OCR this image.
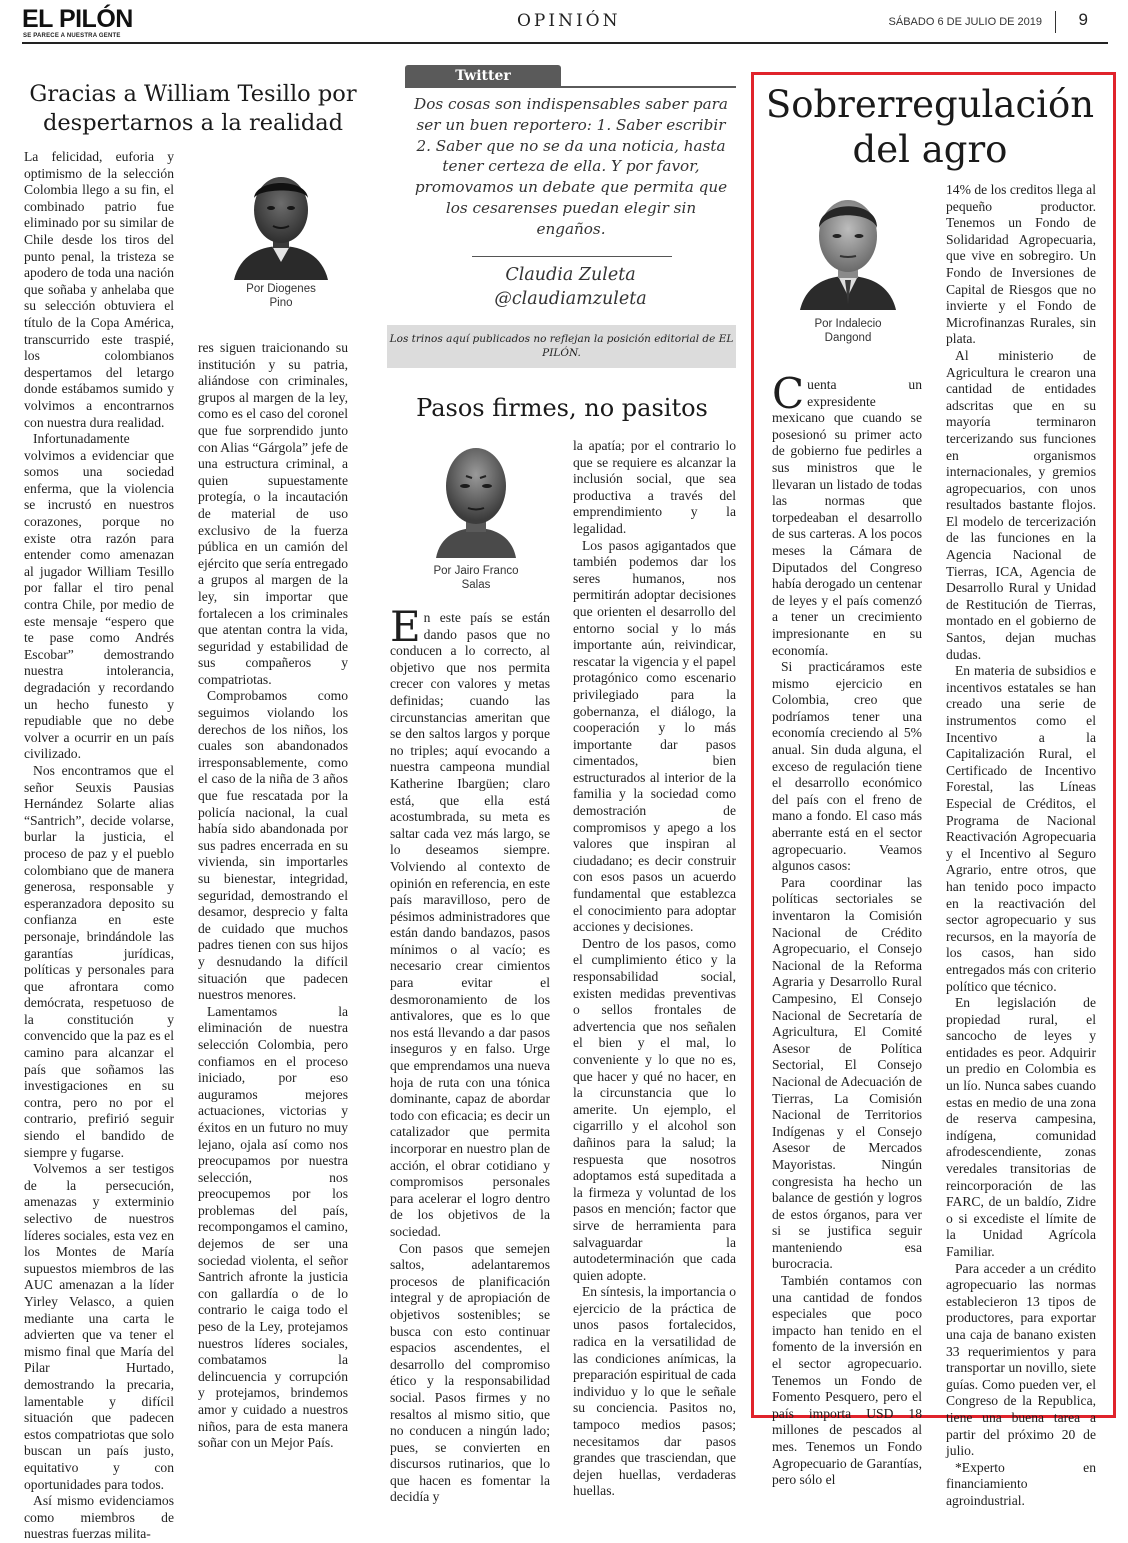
EL PILÓN
SE PARECE A NUESTRA GENTE
OPINIÓN	SÁBADO 6 DE JULIO DE 2019 9
Gracias a William Tesillo por
despertarnos a la realidad
Por Diogenes
Pino

La felicidad, euforia y optimismo de la selección Colombia llego a su fin, el combinado patrio fue eliminado por su similar de Chile desde los tiros del punto penal, la tristeza se apodero de toda una nación que soñaba y anhelaba que su selección obtuviera el título de la Copa América, transcurrido este traspié, los colombianos despertamos del letargo donde estábamos sumido y volvimos a encontrarnos con nuestra dura realidad.

Infortunadamente volvimos a evidenciar que somos una sociedad enferma, que la violencia se incrustó en nuestros corazones, porque no existe otra razón para entender como amenazan al jugador William Tesillo por fallar el tiro penal contra Chile, por medio de este mensaje “espero que te pase como Andrés Escobar” demostrando nuestra intolerancia, degradación y recordando un hecho funesto y repudiable que no debe volver a ocurrir en un país civilizado.

Nos encontramos que el señor Seuxis Pausias Hernández Solarte alias “Santrich”, decide volarse, burlar la justicia, el proceso de paz y el pueblo colombiano que de manera generosa, responsable y esperanzadora deposito su confianza en este personaje, brindándole las garantías jurídicas, políticas y personales para que afrontara como demócrata, respetuoso de la constitución y convencido que la paz es el camino para alcanzar el país que soñamos las investigaciones en su contra, pero no por el contrario, prefirió seguir siendo el bandido de siempre y fugarse.

Volvemos a ser testigos de la persecución, amenazas y exterminio selectivo de nuestros líderes sociales, esta vez en los Montes de María supuestos miembros de las AUC amenazan a la líder Yirley Velasco, a quien mediante una carta le advierten que va tener el mismo final que María del Pilar Hurtado, demostrando la precaria, lamentable y difícil situación que padecen estos compatriotas que solo buscan un país justo, equitativo y con oportunidades para todos.

Así mismo evidenciamos como miembros de nuestras fuerzas milita-

res siguen traicionando su institución y su patria, aliándose con criminales, grupos al margen de la ley, como es el caso del coronel que fue sorprendido junto con Alias “Gárgola” jefe de una estructura criminal, a quien supuestamente protegía, o la incautación de material de uso exclusivo de la fuerza pública en un camión del ejército que sería entregado a grupos al margen de la ley, sin importar que fortalecen a los criminales que atentan contra la vida, seguridad y estabilidad de sus compañeros y compatriotas.

Comprobamos como seguimos violando los derechos de los niños, los cuales son abandonados irresponsablemente, como el caso de la niña de 3 años que fue rescatada por la policía nacional, la cual había sido abandonada por sus padres encerrada en su vivienda, sin importarles su bienestar, integridad, seguridad, demostrando el desamor, desprecio y falta de cuidado que muchos padres tienen con sus hijos y desnudando la difícil situación que padecen nuestros menores.

Lamentamos la eliminación de nuestra selección Colombia, pero confiamos en el proceso iniciado, por eso auguramos mejores actuaciones, victorias y éxitos en un futuro no muy lejano, ojala así como nos preocupamos por nuestra selección, nos preocupemos por los problemas del país, recompongamos el camino, dejemos de ser una sociedad violenta, el señor Santrich afronte la justicia con gallardía o de lo contrario le caiga todo el peso de la Ley, protejamos nuestros líderes sociales, combatamos la delincuencia y corrupción y protejamos, brindemos amor y cuidado a nuestros niños, para de esta manera soñar con un Mejor País.

Twitter
Dos cosas son indispensables saber para ser un buen reportero: 1. Saber escribir 2. Saber que no se da una noticia, hasta tener certeza de ella. Y por favor, promovamos un debate que permita que los cesarenses puedan elegir sin engaños.
Claudia Zuleta
@claudiamzuleta
Los trinos aquí publicados no reflejan la posición editorial de EL PILÓN.
Pasos firmes, no pasitos
Por Jairo Franco
Salas

En este país se están dando pasos que no conducen a lo correcto, al objetivo que nos permita crecer con valores y metas definidas; cuando las circunstancias ameritan que se den saltos largos y porque no triples; aquí evocando a nuestra campeona mundial Katherine Ibargüen; claro está, que ella está acostumbrada, su meta es saltar cada vez más largo, se lo deseamos siempre. Volviendo al contexto de opinión en referencia, en este país maravilloso, pero de pésimos administradores que están dando bandazos, pasos mínimos o al vacío; es necesario crear cimientos para evitar el desmoronamiento de los antivalores, que es lo que nos está llevando a dar pasos inseguros y en falso. Urge que emprendamos una nueva hoja de ruta con una tónica dominante, capaz de abordar todo con eficacia; es decir un catalizador que permita incorporar en nuestro plan de acción, el obrar cotidiano y compromisos personales para acelerar el logro dentro de los objetivos de la sociedad.

Con pasos que semejen saltos, adelantaremos procesos de planificación integral y de apropiación de objetivos sostenibles; se busca con esto continuar espacios ascendentes, el desarrollo del compromiso ético y la responsabilidad social. Pasos firmes y no resaltos al mismo sitio, que no conducen a ningún lado; pues, se convierten en discursos rutinarios, que lo que hacen es fomentar la decidía y

la apatía; por el contrario lo que se requiere es alcanzar la inclusión social, que sea productiva a través del emprendimiento y la legalidad.

Los pasos agigantados que también podemos dar los seres humanos, nos permitirán adoptar decisiones que orienten el desarrollo del entorno social y lo más importante aún, reivindicar, rescatar la vigencia y el papel protagónico como escenario privilegiado para la gobernanza, el diálogo, la cooperación y lo más importante dar pasos cimentados, bien estructurados al interior de la familia y la sociedad como demostración de compromisos y apego a los valores que inspiran al ciudadano; es decir construir con esos pasos un acuerdo fundamental que establezca el conocimiento para adoptar acciones y decisiones.

Dentro de los pasos, como el cumplimiento ético y la responsabilidad social, existen medidas preventivas o sellos frontales de advertencia que nos señalen el bien y el mal, lo conveniente y lo que no es, que hacer y qué no hacer, en la circunstancia que lo amerite. Un ejemplo, el cigarrillo y el alcohol son dañinos para la salud; la respuesta que nosotros adoptamos está supeditada a la firmeza y voluntad de los pasos en mención; factor que sirve de herramienta para salvaguardar la autodeterminación que cada quien adopte.

En síntesis, la importancia o ejercicio de la práctica de unos pasos fortalecidos, radica en la versatilidad de las condiciones anímicas, la preparación espiritual de cada individuo y lo que le señale su conciencia. Pasitos no, tampoco medios pasos; necesitamos dar pasos grandes que trasciendan, que dejen huellas, verdaderas huellas.

Sobrerregulación
del agro
Por Indalecio
Dangond

Cuenta un expresidente mexicano que cuando se posesionó su primer acto de gobierno fue pedirles a sus ministros que le llevaran un listado de todas las normas que torpedeaban el desarrollo de sus carteras. A los pocos meses la Cámara de Diputados del Congreso había derogado un centenar de leyes y el país comenzó a tener un crecimiento impresionante en su economía.

Si practicáramos este mismo ejercicio en Colombia, creo que podríamos tener una economía creciendo al 5% anual. Sin duda alguna, el exceso de regulación tiene el desarrollo económico del país con el freno de mano a fondo. El caso más aberrante está en el sector agropecuario. Veamos algunos casos:

Para coordinar las políticas sectoriales se inventaron la Comisión Nacional de Crédito Agropecuario, el Consejo Nacional de la Reforma Agraria y Desarrollo Rural Campesino, El Consejo Nacional de Secretaría de Agricultura, El Comité Asesor de Política Sectorial, El Consejo Nacional de Adecuación de Tierras, La Comisión Nacional de Territorios Indígenas y el Consejo Asesor de Mercados Mayoristas. Ningún congresista ha hecho un balance de gestión y logros de estos órganos, para ver si se justifica seguir manteniendo esa burocracia.

También contamos con una cantidad de fondos especiales que poco impacto han tenido en el fomento de la inversión en el sector agropecuario. Tenemos un Fondo de Fomento Pesquero, pero el país importa USD 18 millones de pescados al mes. Tenemos un Fondo Agropecuario de Garantías, pero sólo el

14% de los creditos llega al pequeño productor. Tenemos un Fondo de Solidaridad Agropecuaria, que vive en sobregiro. Un Fondo de Inversiones de Capital de Riesgos que no invierte y el Fondo de Microfinanzas Rurales, sin plata.

Al ministerio de Agricultura le crearon una cantidad de entidades adscritas que en su mayoría terminaron tercerizando sus funciones en organismos internacionales, y gremios agropecuarios, con unos resultados bastante flojos. El modelo de tercerización de las funciones en la Agencia Nacional de Tierras, ICA, Agencia de Desarrollo Rural y Unidad de Restitución de Tierras, montado en el gobierno de Santos, dejan muchas dudas.

En materia de subsidios e incentivos estatales se han creado una serie de instrumentos como el Incentivo a la Capitalización Rural, el Certificado de Incentivo Forestal, las Líneas Especial de Créditos, el Programa de Nacional Reactivación Agropecuaria y el Incentivo al Seguro Agrario, entre otros, que han tenido poco impacto en la reactivación del sector agropecuario y sus recursos, en la mayoría de los casos, han sido entregados más con criterio político que técnico.

En legislación de propiedad rural, el sancocho de leyes y entidades es peor. Adquirir un predio en Colombia es un lío. Nunca sabes cuando estas en medio de una zona de reserva campesina, indígena, comunidad afrodescendiente, zonas veredales transitorias de reincorporación de las FARC, de un baldío, Zidre o si excediste el límite de la Unidad Agrícola Familiar.

Para acceder a un crédito agropecuario las normas establecieron 13 tipos de productores, para exportar una caja de banano existen 33 requerimientos y para transportar un novillo, siete guías. Como pueden ver, el Congreso de la Republica, tiene una buena tarea a partir del próximo 20 de julio.

*Experto en financiamiento agroindustrial.
